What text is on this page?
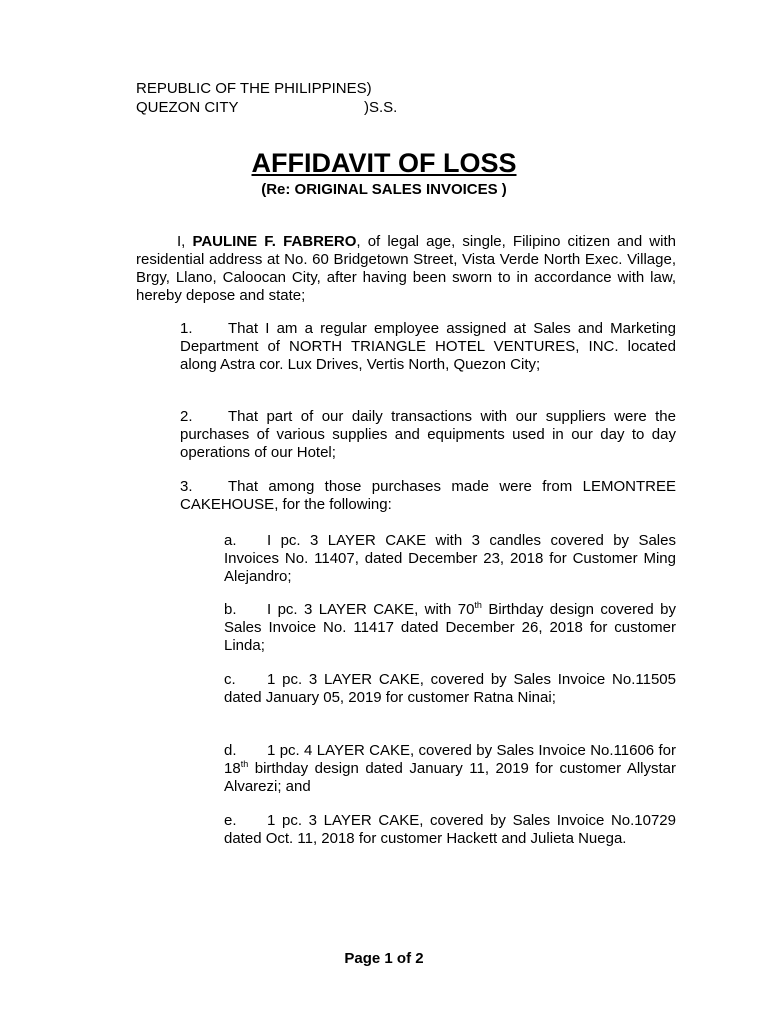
REPUBLIC OF THE PHILIPPINES)
QUEZON CITY	)S.S.
AFFIDAVIT OF LOSS
(Re: ORIGINAL SALES INVOICES )

I, PAULINE F. FABRERO, of legal age, single, Filipino citizen and with residential address at No. 60 Bridgetown Street, Vista Verde North Exec. Village, Brgy, Llano, Caloocan City, after having been sworn to in accordance with law, hereby depose and state;

1. That I am a regular employee assigned at Sales and Marketing Department of NORTH TRIANGLE HOTEL VENTURES, INC. located along Astra cor. Lux Drives, Vertis North, Quezon City;

2. That part of our daily transactions with our suppliers were the purchases of various supplies and equipments used in our day to day operations of our Hotel;

3. That among those purchases made were from LEMONTREE CAKEHOUSE, for the following:

a. I pc. 3 LAYER CAKE with 3 candles covered by Sales Invoices No. 11407, dated December 23, 2018 for Customer Ming Alejandro;

b. I pc. 3 LAYER CAKE, with 70th Birthday design covered by Sales Invoice No. 11417 dated December 26, 2018 for customer Linda;

c. 1 pc. 3 LAYER CAKE, covered by Sales Invoice No.11505 dated January 05, 2019 for customer Ratna Ninai;

d. 1 pc. 4 LAYER CAKE, covered by Sales Invoice No.11606 for 18th birthday design dated January 11, 2019 for customer Allystar Alvarezi; and

e. 1 pc. 3 LAYER CAKE, covered by Sales Invoice No.10729 dated Oct. 11, 2018 for customer Hackett and Julieta Nuega.

Page 1 of 2
